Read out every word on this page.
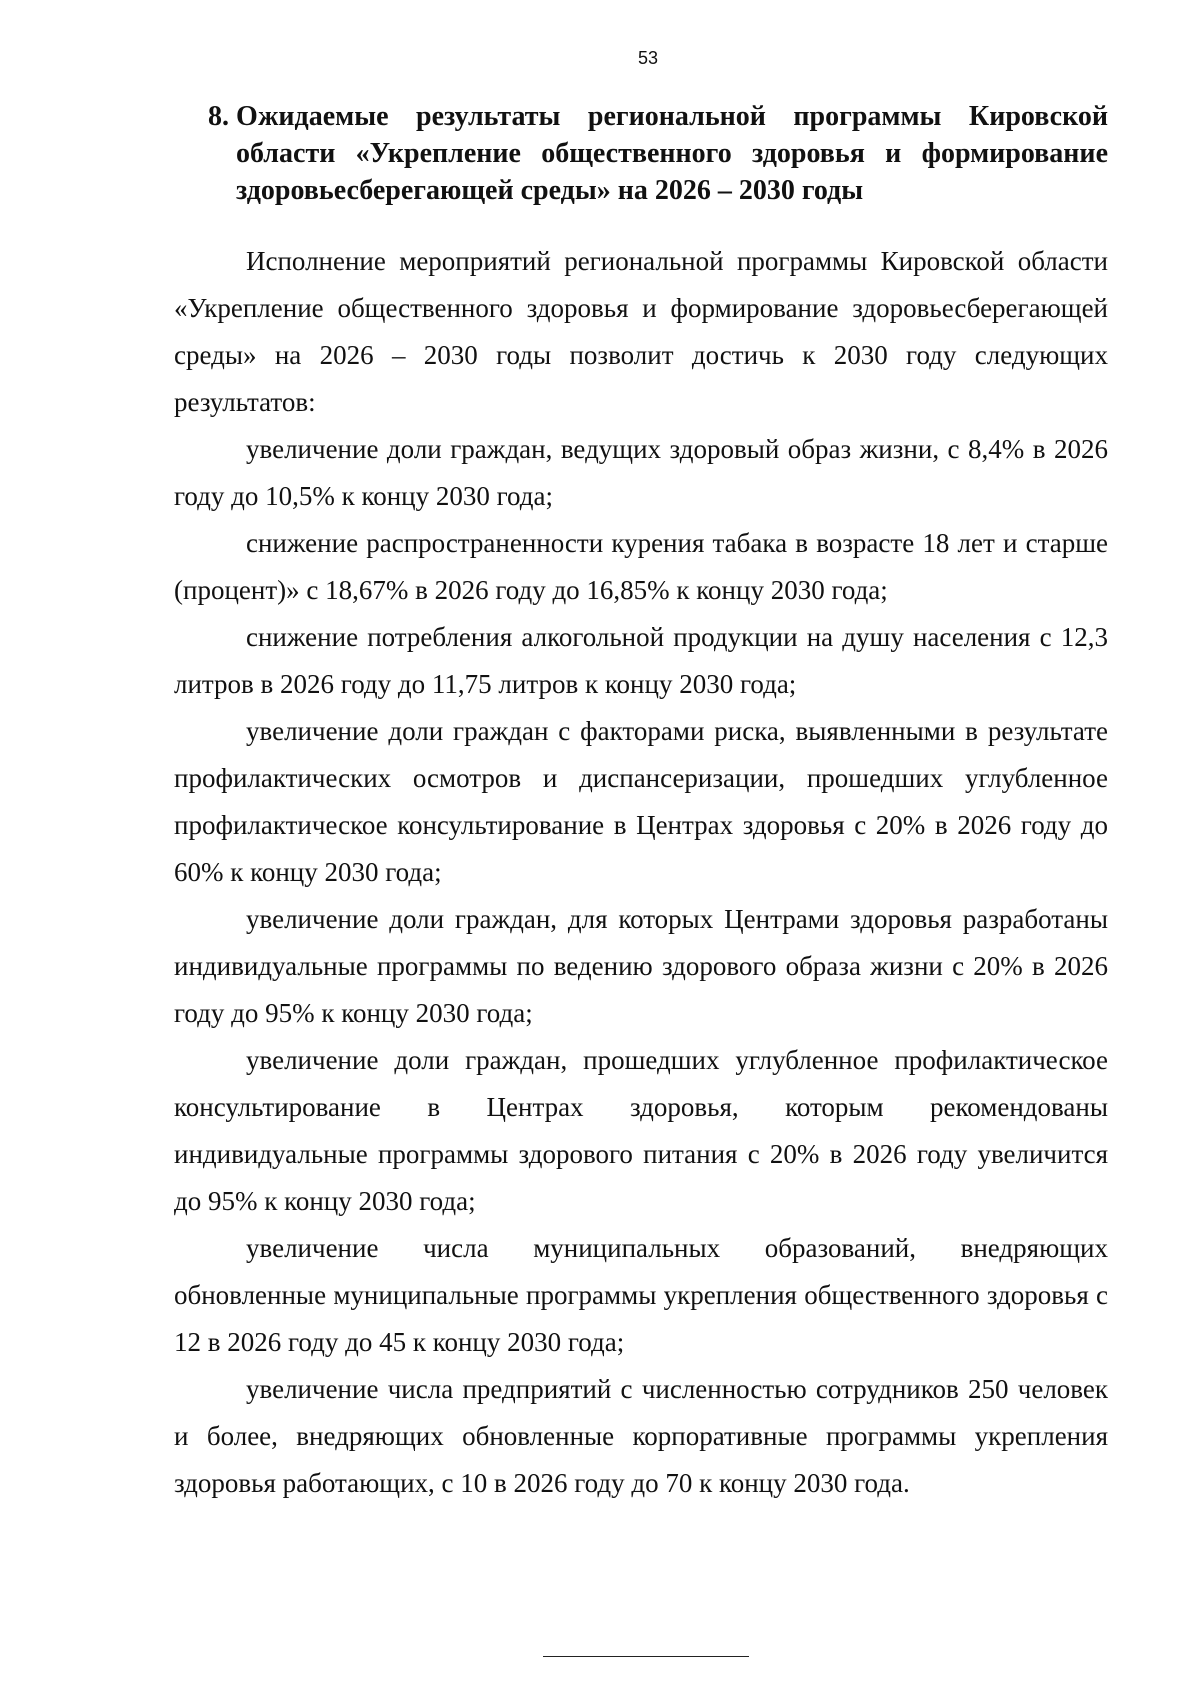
53
8. Ожидаемые результаты региональной программы Кировской области «Укрепление общественного здоровья и формирование здоровьесберегающей среды» на 2026 – 2030 годы

Исполнение мероприятий региональной программы Кировской области «Укрепление общественного здоровья и формирование здоровьесберегающей среды» на 2026 – 2030 годы позволит достичь к 2030 году следующих результатов:

увеличение доли граждан, ведущих здоровый образ жизни, с 8,4% в 2026 году до 10,5% к концу 2030 года;

снижение распространенности курения табака в возрасте 18 лет и старше (процент)» с 18,67% в 2026 году до 16,85% к концу 2030 года;

снижение потребления алкогольной продукции на душу населения с 12,3 литров в 2026 году до 11,75 литров к концу 2030 года;

увеличение доли граждан с факторами риска, выявленными в результате профилактических осмотров и диспансеризации, прошедших углубленное профилактическое консультирование в Центрах здоровья с 20% в 2026 году до 60% к концу 2030 года;

увеличение доли граждан, для которых Центрами здоровья разработаны индивидуальные программы по ведению здорового образа жизни с 20% в 2026 году до 95% к концу 2030 года;

увеличение доли граждан, прошедших углубленное профилактическое консультирование в Центрах здоровья, которым рекомендованы индивидуальные программы здорового питания с 20% в 2026 году увеличится до 95% к концу 2030 года;

увеличение числа муниципальных образований, внедряющих обновленные муниципальные программы укрепления общественного здоровья с 12 в 2026 году до 45 к концу 2030 года;

увеличение числа предприятий с численностью сотрудников 250 человек и более, внедряющих обновленные корпоративные программы укрепления здоровья работающих, с 10 в 2026 году до 70 к концу 2030 года.
